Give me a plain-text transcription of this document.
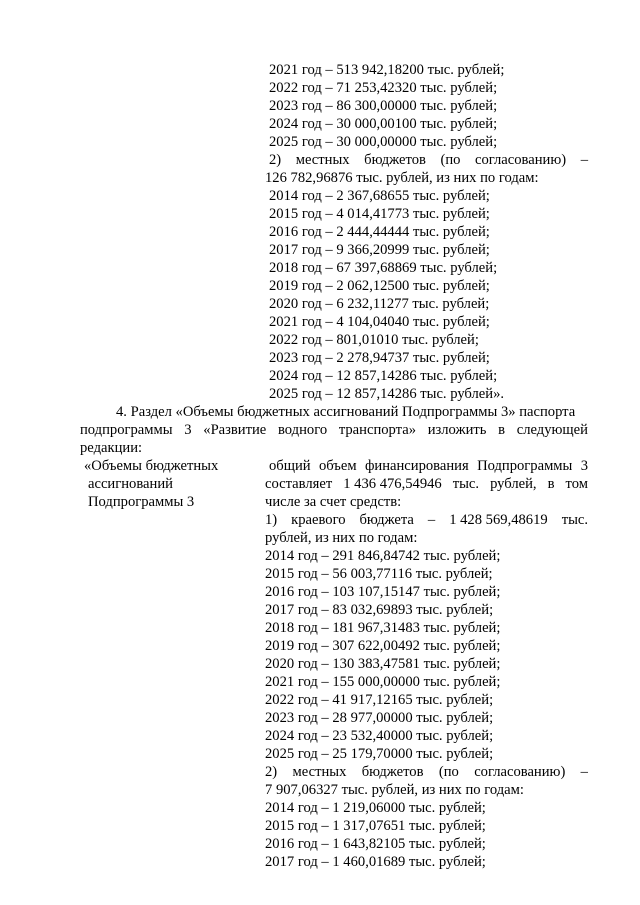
2021 год – 513 942,18200 тыс. рублей;
2022 год – 71 253,42320 тыс. рублей;
2023 год – 86 300,00000 тыс. рублей;
2024 год – 30 000,00100 тыс. рублей;
2025 год – 30 000,00000 тыс. рублей;
2) местных бюджетов (по согласованию) –
126 782,96876 тыс. рублей, из них по годам:
2014 год – 2 367,68655 тыс. рублей;
2015 год – 4 014,41773 тыс. рублей;
2016 год – 2 444,44444 тыс. рублей;
2017 год – 9 366,20999 тыс. рублей;
2018 год – 67 397,68869 тыс. рублей;
2019 год – 2 062,12500 тыс. рублей;
2020 год – 6 232,11277 тыс. рублей;
2021 год – 4 104,04040 тыс. рублей;
2022 год – 801,01010 тыс. рублей;
2023 год – 2 278,94737 тыс. рублей;
2024 год – 12 857,14286 тыс. рублей;
2025 год – 12 857,14286 тыс. рублей».
4. Раздел «Объемы бюджетных ассигнований Подпрограммы 3» паспорта
подпрограммы 3 «Развитие водного транспорта» изложить в следующей
редакции:
«Объемы бюджетных
ассигнований
Подпрограммы 3
общий объем финансирования Подпрограммы 3
составляет 1 436 476,54946 тыс. рублей, в том
числе за счет средств:
1) краевого бюджета – 1 428 569,48619 тыс.
рублей, из них по годам:
2014 год – 291 846,84742 тыс. рублей;
2015 год – 56 003,77116 тыс. рублей;
2016 год – 103 107,15147 тыс. рублей;
2017 год – 83 032,69893 тыс. рублей;
2018 год – 181 967,31483 тыс. рублей;
2019 год – 307 622,00492 тыс. рублей;
2020 год – 130 383,47581 тыс. рублей;
2021 год – 155 000,00000 тыс. рублей;
2022 год – 41 917,12165 тыс. рублей;
2023 год – 28 977,00000 тыс. рублей;
2024 год – 23 532,40000 тыс. рублей;
2025 год – 25 179,70000 тыс. рублей;
2) местных бюджетов (по согласованию) –
7 907,06327 тыс. рублей, из них по годам:
2014 год – 1 219,06000 тыс. рублей;
2015 год – 1 317,07651 тыс. рублей;
2016 год – 1 643,82105 тыс. рублей;
2017 год – 1 460,01689 тыс. рублей;
